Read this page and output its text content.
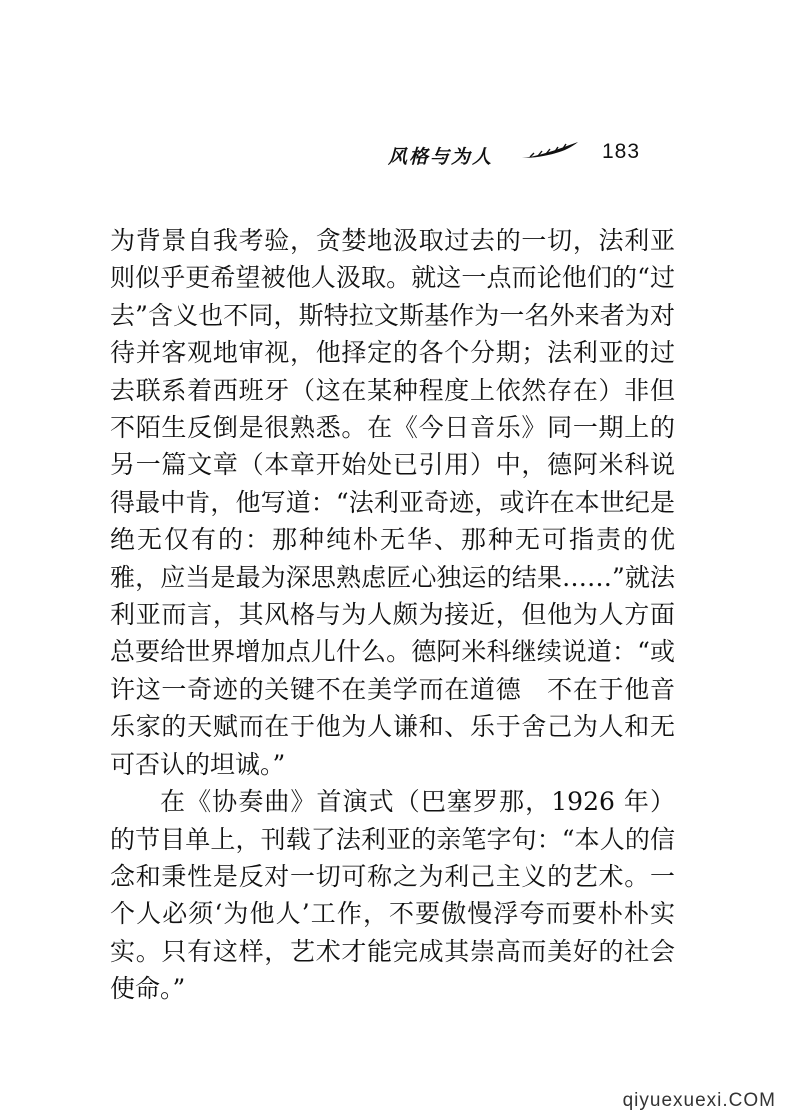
风格与为人	183

为背景自我考验，贪婪地汲取过去的一切，法利亚则似乎更希望被他人汲取。就这一点而论他们的“过去”含义也不同，斯特拉文斯基作为一名外来者为对待并客观地审视，他择定的各个分期；法利亚的过去联系着西班牙（这在某种程度上依然存在）非但不陌生反倒是很熟悉。在《今日音乐》同一期上的另一篇文章（本章开始处已引用）中，德阿米科说得最中肯，他写道：“法利亚奇迹，或许在本世纪是绝无仅有的：那种纯朴无华、那种无可指责的优雅，应当是最为深思熟虑匠心独运的结果……”就法利亚而言，其风格与为人颇为接近，但他为人方面总要给世界增加点儿什么。德阿米科继续说道：“或许这一奇迹的关键不在美学而在道德　不在于他音乐家的天赋而在于他为人谦和、乐于舍己为人和无可否认的坦诚。”

在《协奏曲》首演式（巴塞罗那，1926 年）的节目单上，刊载了法利亚的亲笔字句：“本人的信念和秉性是反对一切可称之为利己主义的艺术。一个人必须‘为他人’工作，不要傲慢浮夸而要朴朴实实。只有这样，艺术才能完成其崇高而美好的社会使命。”

qiyuexuexi.COM
